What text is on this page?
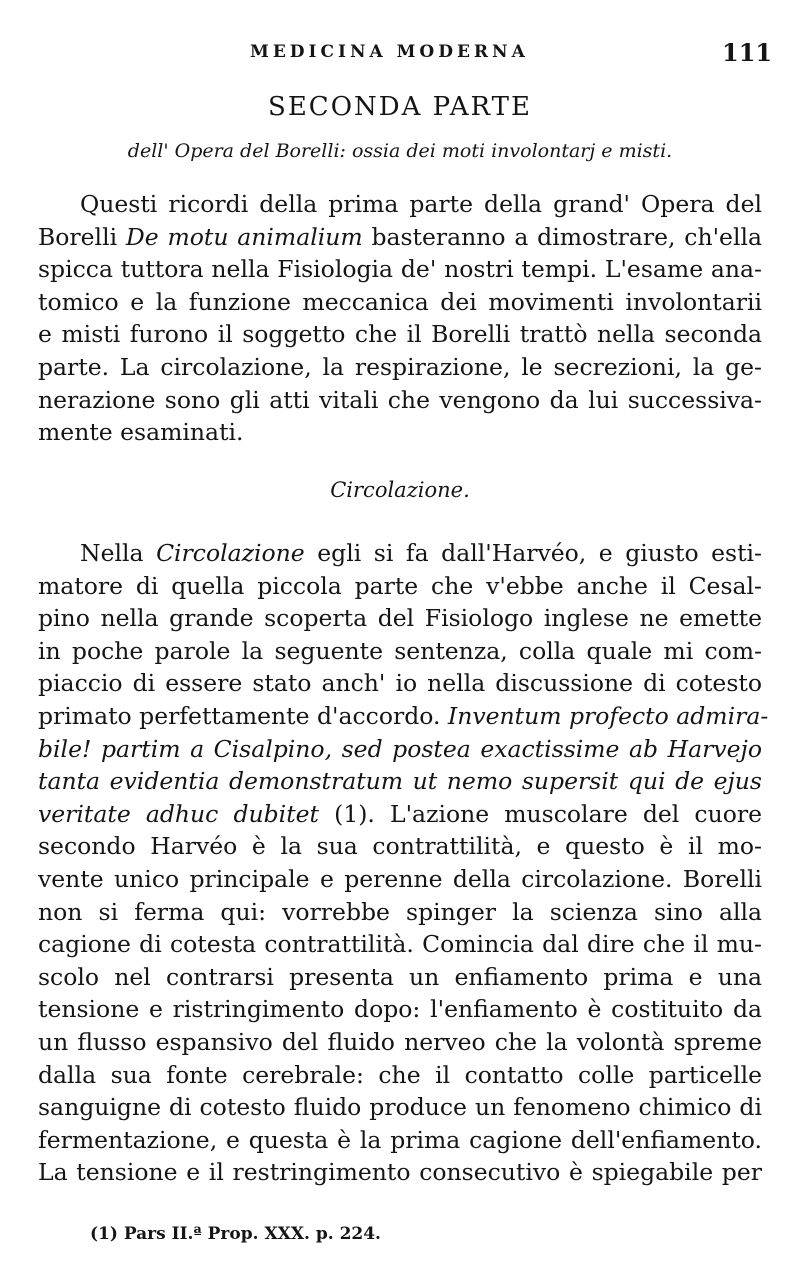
MEDICINA MODERNA	111
SECONDA PARTE
dell' Opera del Borelli: ossia dei moti involontarj e misti.
Questi ricordi della prima parte della grand' Opera del
Borelli De motu animalium basteranno a dimostrare, ch'ella
spicca tuttora nella Fisiologia de' nostri tempi. L'esame ana-
tomico e la funzione meccanica dei movimenti involontarii
e misti furono il soggetto che il Borelli trattò nella seconda
parte. La circolazione, la respirazione, le secrezioni, la ge-
nerazione sono gli atti vitali che vengono da lui successiva-
mente esaminati.
Circolazione.
Nella Circolazione egli si fa dall'Harvéo, e giusto esti-
matore di quella piccola parte che v'ebbe anche il Cesal-
pino nella grande scoperta del Fisiologo inglese ne emette
in poche parole la seguente sentenza, colla quale mi com-
piaccio di essere stato anch' io nella discussione di cotesto
primato perfettamente d'accordo. Inventum profecto admira-
bile! partim a Cisalpino, sed postea exactissime ab Harvejo
tanta evidentia demonstratum ut nemo supersit qui de ejus
veritate adhuc dubitet (1). L'azione muscolare del cuore
secondo Harvéo è la sua contrattilità, e questo è il mo-
vente unico principale e perenne della circolazione. Borelli
non si ferma qui: vorrebbe spinger la scienza sino alla
cagione di cotesta contrattilità. Comincia dal dire che il mu-
scolo nel contrarsi presenta un enfiamento prima e una
tensione e ristringimento dopo: l'enfiamento è costituito da
un flusso espansivo del fluido nerveo che la volontà spreme
dalla sua fonte cerebrale: che il contatto colle particelle
sanguigne di cotesto fluido produce un fenomeno chimico di
fermentazione, e questa è la prima cagione dell'enfiamento.
La tensione e il restringimento consecutivo è spiegabile per
(1) Pars II.ª Prop. XXX. p. 224.
